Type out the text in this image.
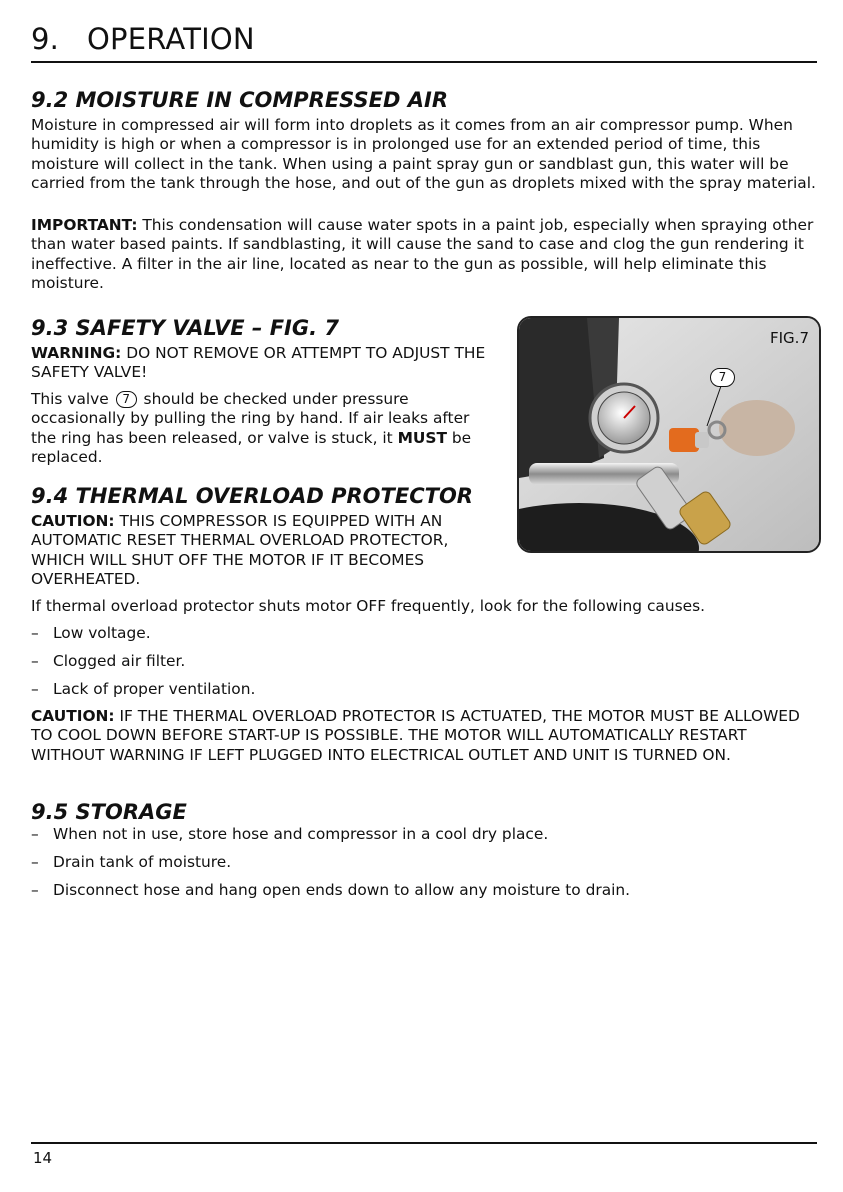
9. OPERATION
9.2 MOISTURE IN COMPRESSED AIR

Moisture in compressed air will form into droplets as it comes from an air compressor pump. When humidity is high or when a compressor is in prolonged use for an extended period of time, this moisture will collect in the tank. When using a paint spray gun or sandblast gun, this water will be carried from the tank through the hose, and out of the gun as droplets mixed with the spray material.

IMPORTANT: This condensation will cause water spots in a paint job, especially when spraying other than water based paints. If sandblasting, it will cause the sand to case and clog the gun rendering it ineffective. A filter in the air line, located as near to the gun as possible, will help eliminate this moisture.

9.3 SAFETY VALVE – FIG. 7

WARNING: DO NOT REMOVE OR ATTEMPT TO ADJUST THE SAFETY VALVE!

This valve 7 should be checked under pressure occasionally by pulling the ring by hand. If air leaks after the ring has been released, or valve is stuck, it MUST be replaced.

9.4 THERMAL OVERLOAD PROTECTOR

CAUTION: THIS COMPRESSOR IS EQUIPPED WITH AN AUTOMATIC RESET THERMAL OVERLOAD PROTECTOR, WHICH WILL SHUT OFF THE MOTOR IF IT BECOMES OVERHEATED.

If thermal overload protector shuts motor OFF frequently, look for the following causes.

– Low voltage.
– Clogged air filter.
– Lack of proper ventilation.

CAUTION: IF THE THERMAL OVERLOAD PROTECTOR IS ACTUATED, THE MOTOR MUST BE ALLOWED TO COOL DOWN BEFORE START-UP IS POSSIBLE. THE MOTOR WILL AUTOMATICALLY RESTART WITHOUT WARNING IF LEFT PLUGGED INTO ELECTRICAL OUTLET AND UNIT IS TURNED ON.

9.5 STORAGE
– When not in use, store hose and compressor in a cool dry place.
– Drain tank of moisture.
– Disconnect hose and hang open ends down to allow any moisture to drain.
FIG.7
7
14
